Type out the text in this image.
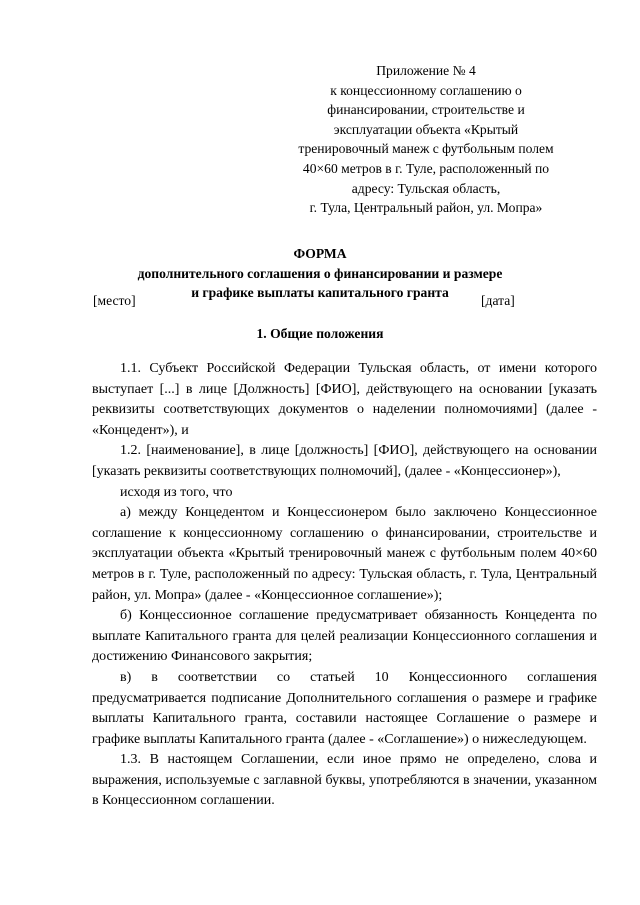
Приложение № 4
к концессионному соглашению о
финансировании, строительстве и
эксплуатации объекта «Крытый
тренировочный манеж с футбольным полем
40×60 метров в г. Туле, расположенный по
адресу: Тульская область,
г. Тула, Центральный район, ул. Мопра»
ФОРМА
дополнительного соглашения о финансировании и размере
и графике выплаты капитального гранта
[место]	[дата]
1. Общие положения

1.1. Субъект Российской Федерации Тульская область, от имени которого выступает [...] в лице [Должность] [ФИО], действующего на основании [указать реквизиты соответствующих документов о наделении полномочиями] (далее - «Концедент»), и

1.2. [наименование], в лице [должность] [ФИО], действующего на основании [указать реквизиты соответствующих полномочий], (далее - «Концессионер»),

исходя из того, что

а) между Концедентом и Концессионером было заключено Концессионное соглашение к концессионному соглашению о финансировании, строительстве и эксплуатации объекта «Крытый тренировочный манеж с футбольным полем 40×60 метров в г. Туле, расположенный по адресу: Тульская область, г. Тула, Центральный район, ул. Мопра» (далее - «Концессионное соглашение»);

б) Концессионное соглашение предусматривает обязанность Концедента по выплате Капитального гранта для целей реализации Концессионного соглашения и достижению Финансового закрытия;

в) в соответствии со статьей 10 Концессионного соглашения предусматривается подписание Дополнительного соглашения о размере и графике выплаты Капитального гранта, составили настоящее Соглашение о размере и графике выплаты Капитального гранта (далее - «Соглашение») о нижеследующем.

1.3. В настоящем Соглашении, если иное прямо не определено, слова и выражения, используемые с заглавной буквы, употребляются в значении, указанном в Концессионном соглашении.
